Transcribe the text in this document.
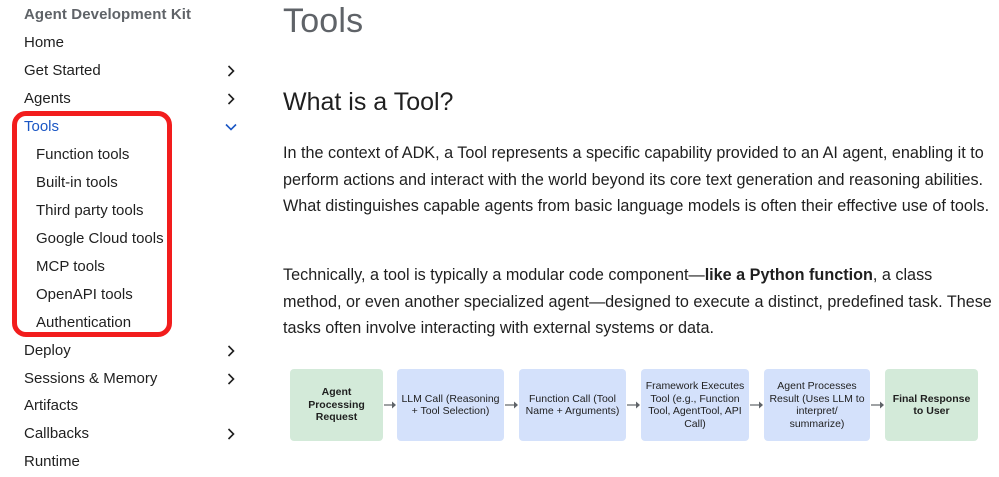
Agent Development Kit
Home
Get Started
Agents
Tools
Function tools
Built-in tools
Third party tools
Google Cloud tools
MCP tools
OpenAPI tools
Authentication
Deploy
Sessions & Memory
Artifacts
Callbacks
Runtime
Tools
What is a Tool?

In the context of ADK, a Tool represents a specific capability provided to an AI agent, enabling it to perform actions and interact with the world beyond its core text generation and reasoning abilities. What distinguishes capable agents from basic language models is often their effective use of tools.

Technically, a tool is typically a modular code component—like a Python function, a class method, or even another specialized agent—designed to execute a distinct, predefined task. These tasks often involve interacting with external systems or data.

Agent Processing Request
LLM Call (Reasoning + Tool Selection)
Function Call (Tool Name + Arguments)
Framework Executes Tool (e.g., Function Tool, AgentTool, API Call)
Agent Processes Result (Uses LLM to interpret/ summarize)
Final Response to User
